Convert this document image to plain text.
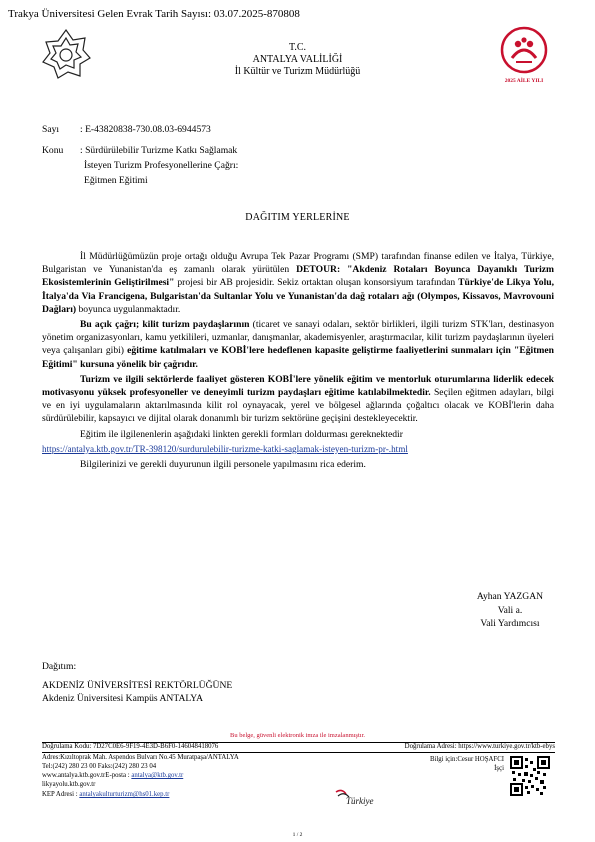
Trakya Üniversitesi Gelen Evrak Tarih Sayısı: 03.07.2025-870808
2025 AİLE YILI
T.C.
ANTALYA VALİLİĞİ
İl Kültür ve Turizm Müdürlüğü
Sayı : E-43820838-730.08.03-6944573
Konu : Sürdürülebilir Turizme Katkı Sağlamak
İsteyen Turizm Profesyonellerine Çağrı:
Eğitmen Eğitimi
DAĞITIM YERLERİNE

İl Müdürlüğümüzün proje ortağı olduğu Avrupa Tek Pazar Programı (SMP) tarafından finanse edilen ve İtalya, Türkiye, Bulgaristan ve Yunanistan'da eş zamanlı olarak yürütülen DETOUR: "Akdeniz Rotaları Boyunca Dayanıklı Turizm Ekosistemlerinin Geliştirilmesi" projesi bir AB projesidir. Sekiz ortaktan oluşan konsorsiyum tarafından Türkiye'de Likya Yolu, İtalya'da Via Francigena, Bulgaristan'da Sultanlar Yolu ve Yunanistan'da dağ rotaları ağı (Olympos, Kissavos, Mavrovouni Dağları) boyunca uygulanmaktadır.

Bu açık çağrı; kilit turizm paydaşlarının (ticaret ve sanayi odaları, sektör birlikleri, ilgili turizm STK'ları, destinasyon yönetim organizasyonları, kamu yetkilileri, uzmanlar, danışmanlar, akademisyenler, araştırmacılar, kilit turizm paydaşlarının üyeleri veya çalışanları gibi) eğitime katılmaları ve KOBİ'lere hedeflenen kapasite geliştirme faaliyetlerini sunmaları için "Eğitmen Eğitimi" kursuna yönelik bir çağrıdır.

Turizm ve ilgili sektörlerde faaliyet gösteren KOBİ'lere yönelik eğitim ve mentorluk oturumlarına liderlik edecek motivasyonu yüksek profesyoneller ve deneyimli turizm paydaşları eğitime katılabilmektedir. Seçilen eğitmen adayları, bilgi ve en iyi uygulamaların aktarılmasında kilit rol oynayacak, yerel ve bölgesel ağlarında çoğaltıcı olacak ve KOBİ'lerin daha sürdürülebilir, kapsayıcı ve dijital olarak donanımlı bir turizm sektörüne geçişini destekleyecektir.

Eğitim ile ilgilenenlerin aşağıdaki linkten gerekli formları doldurması gereknektedir

https://antalya.ktb.gov.tr/TR-398120/surdurulebilir-turizme-katki-saglamak-isteyen-turizm-pr-.html

Bilgilerinizi ve gerekli duyurunun ilgili personele yapılmasını rica ederim.

Ayhan YAZGAN
Vali a.
Vali Yardımcısı
Dağıtım:
AKDENİZ ÜNİVERSİTESİ REKTÖRLÜĞÜNE
Akdeniz Üniversitesi Kampüs ANTALYA
Bu belge, güvenli elektronik imza ile imzalanmıştır.
Doğrulama Kodu: 7D27C0E6-9F19-4E3D-B6F0-146048418076	Doğrulama Adresi: https://www.turkiye.gov.tr/ktb-ebys
Adres:Kızıltoprak Mah. Aspendos Bulvarı No.45 Muratpaşa/ANTALYA
Tel:(242) 280 23 00 Faks:(242) 280 23 04
www.antalya.ktb.gov.trE-posta : antalya@ktb.gov.tr
likyayolu.ktb.gov.tr
KEP Adresi : antalyakulturturizm@hs01.kep.tr
Bilgi için:Cesur HOŞAFCI
İşçi
Türkiye
1 / 2
